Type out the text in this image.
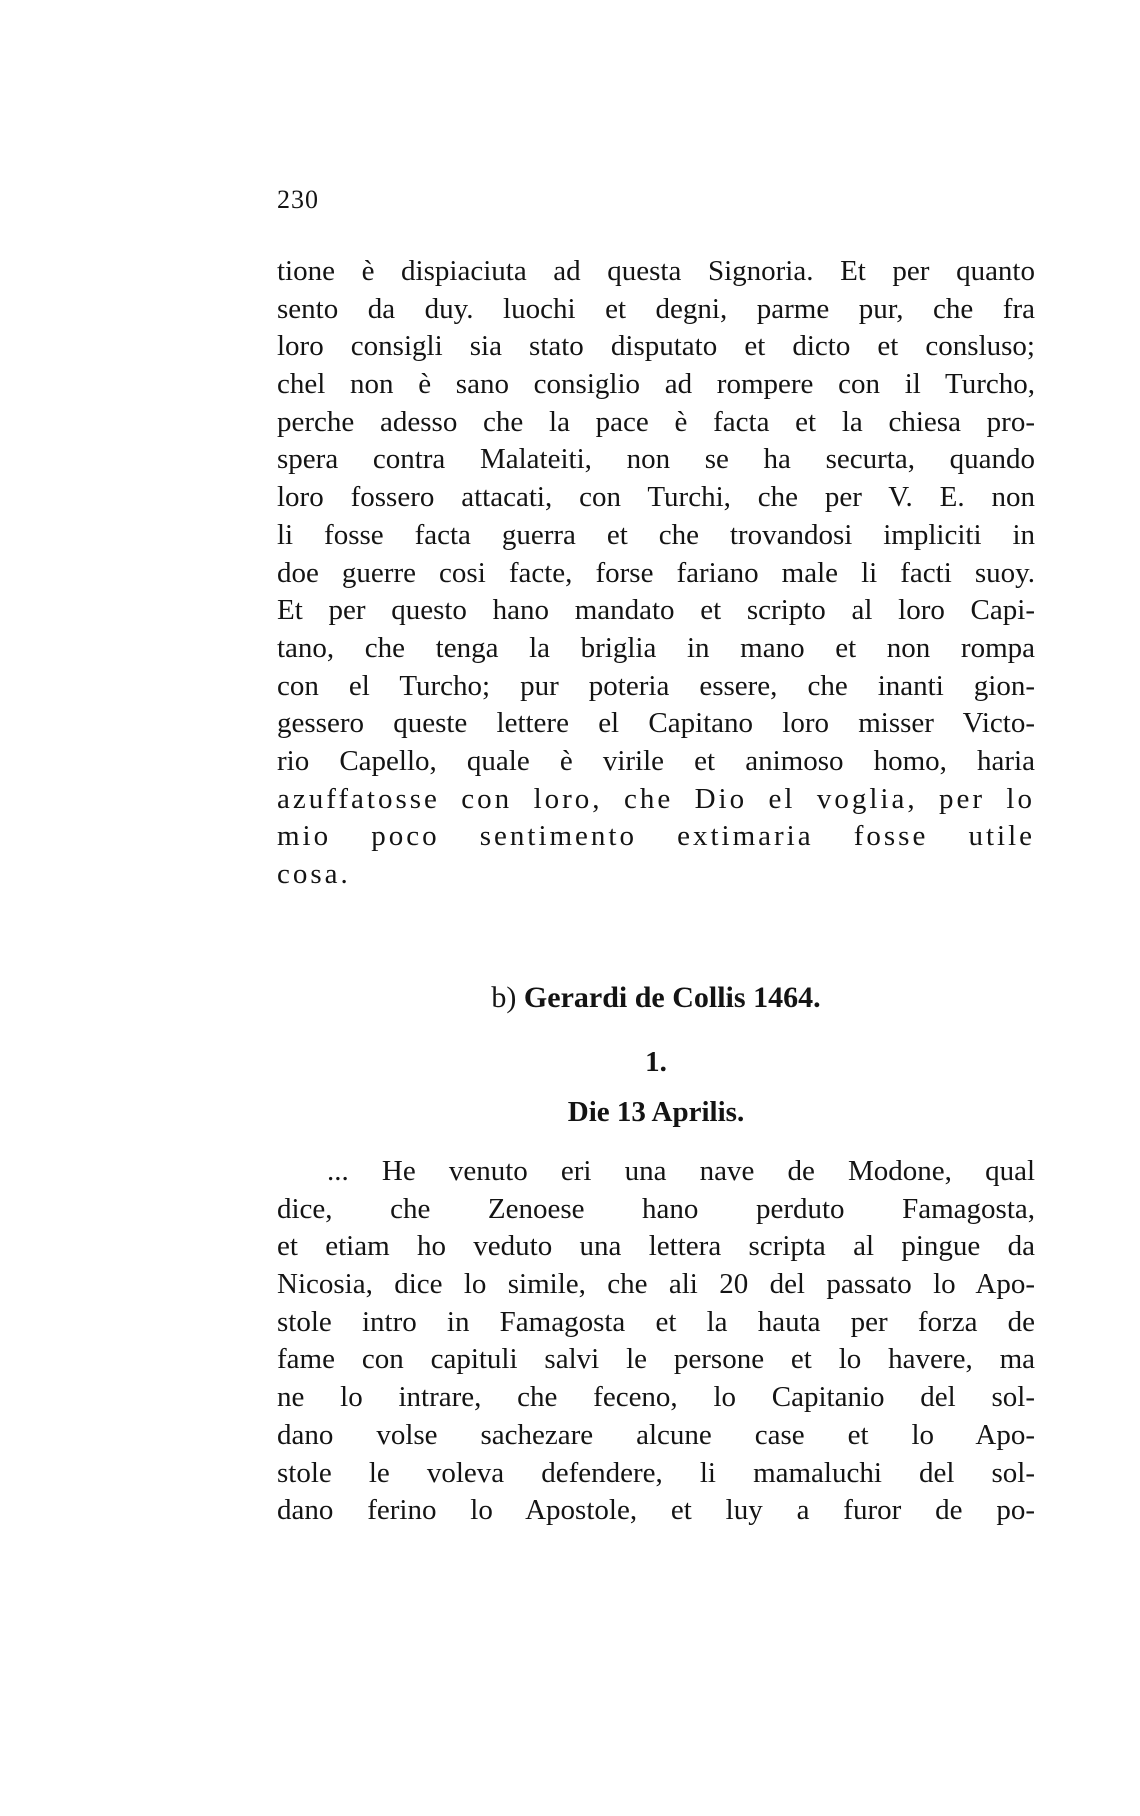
230
tione è dispiaciuta ad questa Signoria. Et per quanto
sento da duy. luochi et degni, parme pur, che fra
loro consigli sia stato disputato et dicto et consluso;
chel non è sano consiglio ad rompere con il Turcho,
perche adesso che la pace è facta et la chiesa pro-
spera contra Malateiti, non se ha securta, quando
loro fossero attacati, con Turchi, che per V. E. non
li fosse facta guerra et che trovandosi impliciti in
doe guerre cosi facte, forse fariano male li facti suoy.
Et per questo hano mandato et scripto al loro Capi-
tano, che tenga la briglia in mano et non rompa
con el Turcho; pur poteria essere, che inanti gion-
gessero queste lettere el Capitano loro misser Victo-
rio Capello, quale è virile et animoso homo, haria
azuffatosse con loro, che Dio el voglia, per lo
mio poco sentimento extimaria fosse utile
cosa.
b) Gerardi de Collis 1464.
1.
Die 13 Aprilis.
... He venuto eri una nave de Modone, qual
dice, che Zenoese hano perduto Famagosta,
et etiam ho veduto una lettera scripta al pingue da
Nicosia, dice lo simile, che ali 20 del passato lo Apo-
stole intro in Famagosta et la hauta per forza de
fame con capituli salvi le persone et lo havere, ma
ne lo intrare, che feceno, lo Capitanio del sol-
dano volse sachezare alcune case et lo Apo-
stole le voleva defendere, li mamaluchi del sol-
dano ferino lo Apostole, et luy a furor de po-
